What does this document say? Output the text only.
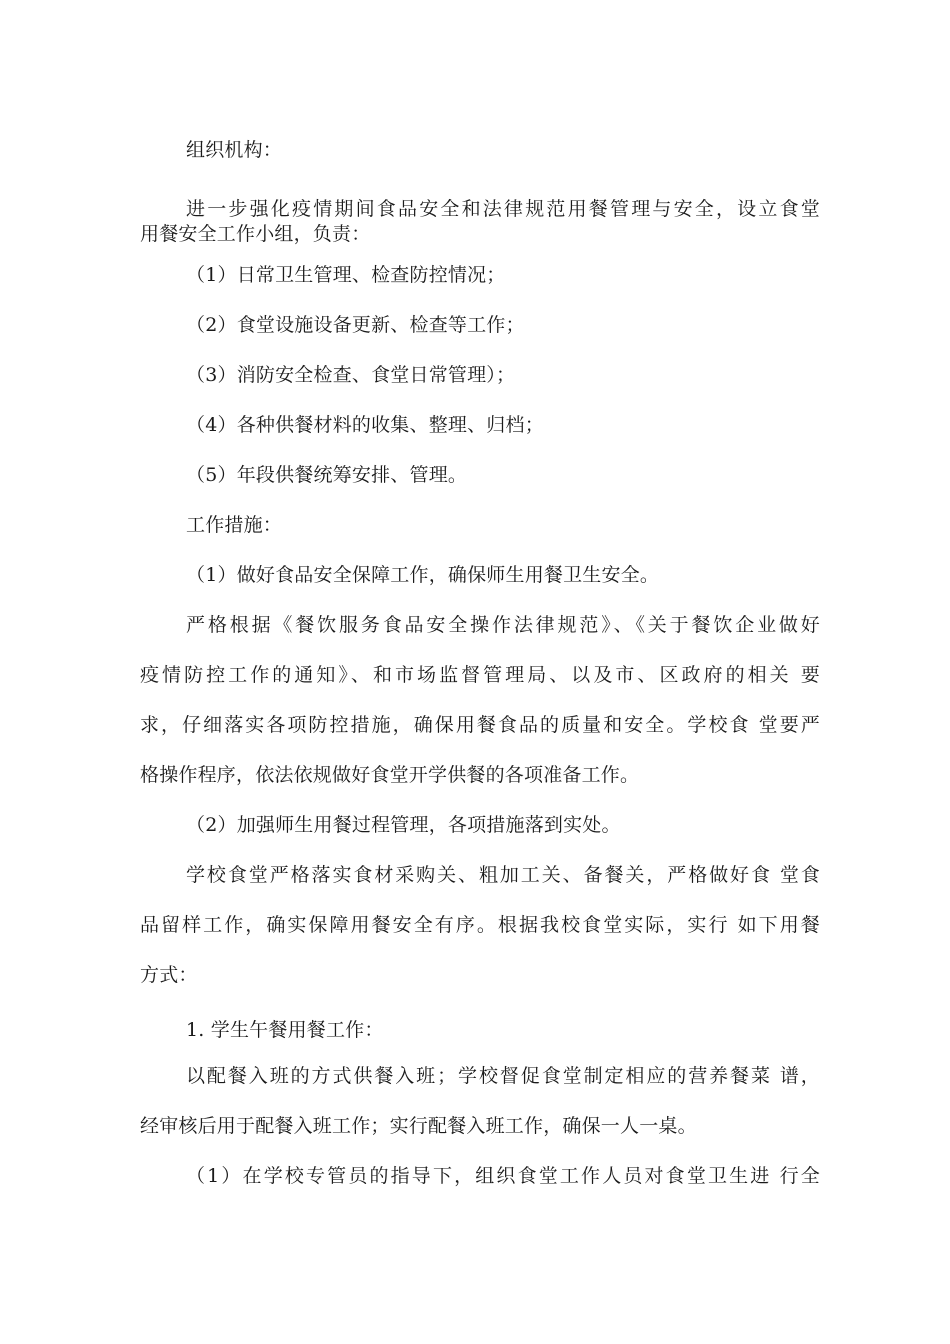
组织机构：
进一步强化疫情期间食品安全和法律规范用餐管理与安全，设立食堂
用餐安全工作小组，负责：
（1）日常卫生管理、检查防控情况；
（2）食堂设施设备更新、检查等工作；
（3）消防安全检查、食堂日常管理）；
（4）各种供餐材料的收集、整理、归档；
（5）年段供餐统筹安排、管理。
工作措施：
（1）做好食品安全保障工作，确保师生用餐卫生安全。
严格根据《餐饮服务食品安全操作法律规范》、《关于餐饮企业做好
疫情防控工作的通知》、和市场监督管理局、以及市、区政府的相关 要
求，仔细落实各项防控措施，确保用餐食品的质量和安全。学校食 堂要严
格操作程序，依法依规做好食堂开学供餐的各项准备工作。
（2）加强师生用餐过程管理，各项措施落到实处。
学校食堂严格落实食材采购关、粗加工关、备餐关，严格做好食 堂食
品留样工作，确实保障用餐安全有序。根据我校食堂实际，实行 如下用餐
方式：
1. 学生午餐用餐工作：
以配餐入班的方式供餐入班；学校督促食堂制定相应的营养餐菜 谱，
经审核后用于配餐入班工作；实行配餐入班工作，确保一人一桌。
（1）在学校专管员的指导下，组织食堂工作人员对食堂卫生进 行全
